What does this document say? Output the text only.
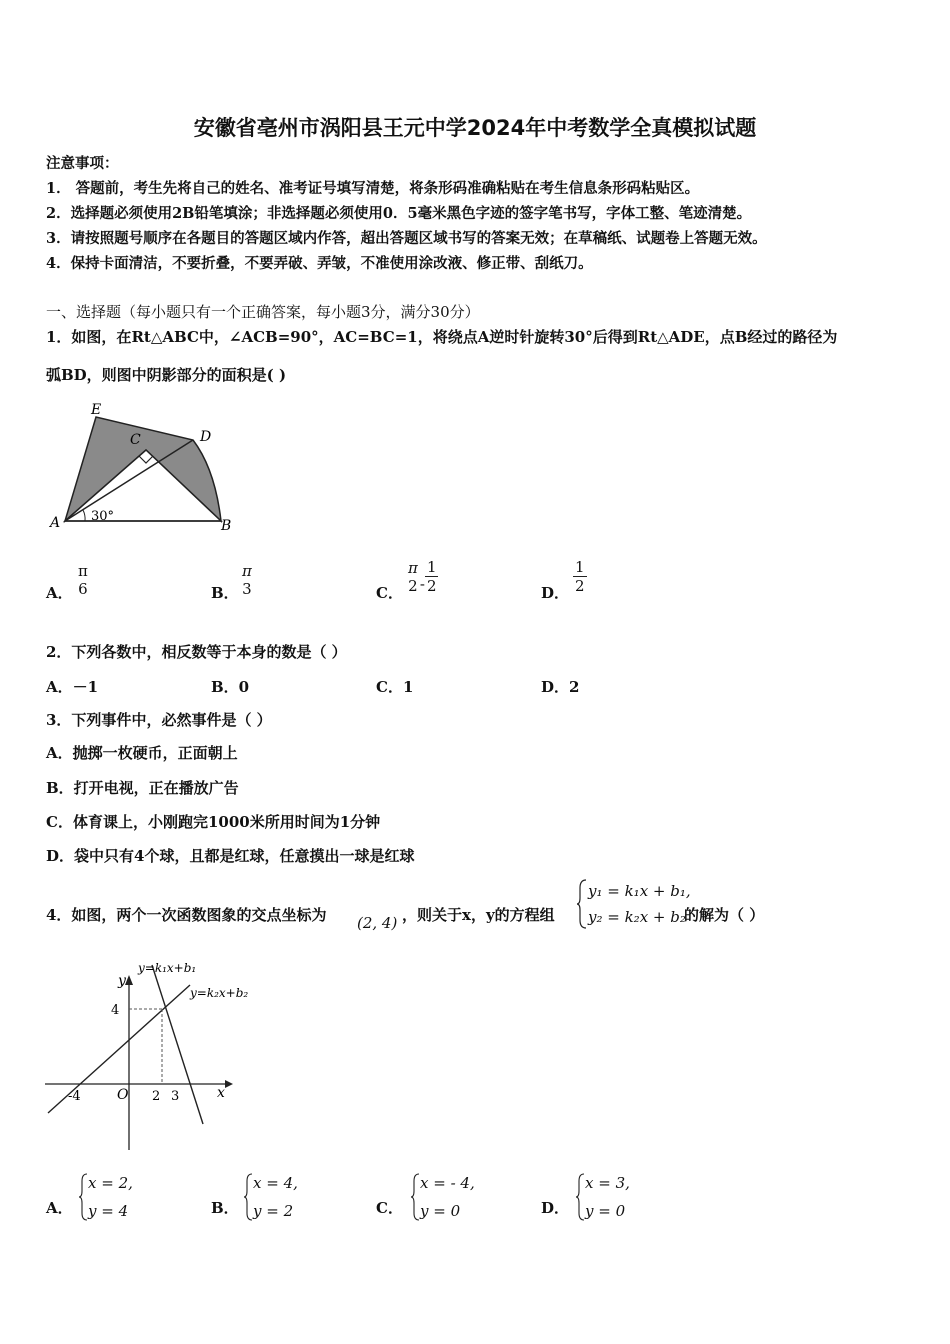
安徽省亳州市涡阳县王元中学2024年中考数学全真模拟试题
注意事项：
1． 答题前，考生先将自己的姓名、准考证号填写清楚，将条形码准确粘贴在考生信息条形码粘贴区。
2．选择题必须使用2B铅笔填涂；非选择题必须使用0．5毫米黑色字迹的签字笔书写，字体工整、笔迹清楚。
3．请按照题号顺序在各题目的答题区域内作答，超出答题区域书写的答案无效；在草稿纸、试题卷上答题无效。
4．保持卡面清洁，不要折叠，不要弄破、弄皱，不准使用涂改液、修正带、刮纸刀。
一、选择题（每小题只有一个正确答案，每小题3分，满分30分）
1．如图，在Rt△ABC中，∠ACB=90°，AC=BC=1，将绕点A逆时针旋转30°后得到Rt△ADE，点B经过的路径为
弧BD，则图中阴影部分的面积是( )
E
C	D
A	B
30°
A．
π
6	B．
π
3	C．
π
$2 - \frac{1}{2}$	D． $\frac{1}{2}$
2．下列各数中，相反数等于本身的数是（ ）
A．－1	B．0	C．1	D．2
3．下列事件中，必然事件是（ ）
A．抛掷一枚硬币，正面朝上
B．打开电视，正在播放广告
C．体育课上，小刚跑完1000米所用时间为1分钟
D．袋中只有4个球，且都是红球，任意摸出一球是红球
4．如图，两个一次函数图象的交点坐标为 (2, 4) ，则关于x，y的方程组
y₁ = k₁x + b₁,
y₂ = k₂x + b₂
的解为（ ）
y
x
O
4
-4	2 3
y=k₁x+b₁
y=k₂x+b₂
A．
x = 2,
y = 4	B．
x = 4,
y = 2	C．
x = - 4,
y = 0	D．
x = 3,
y = 0
